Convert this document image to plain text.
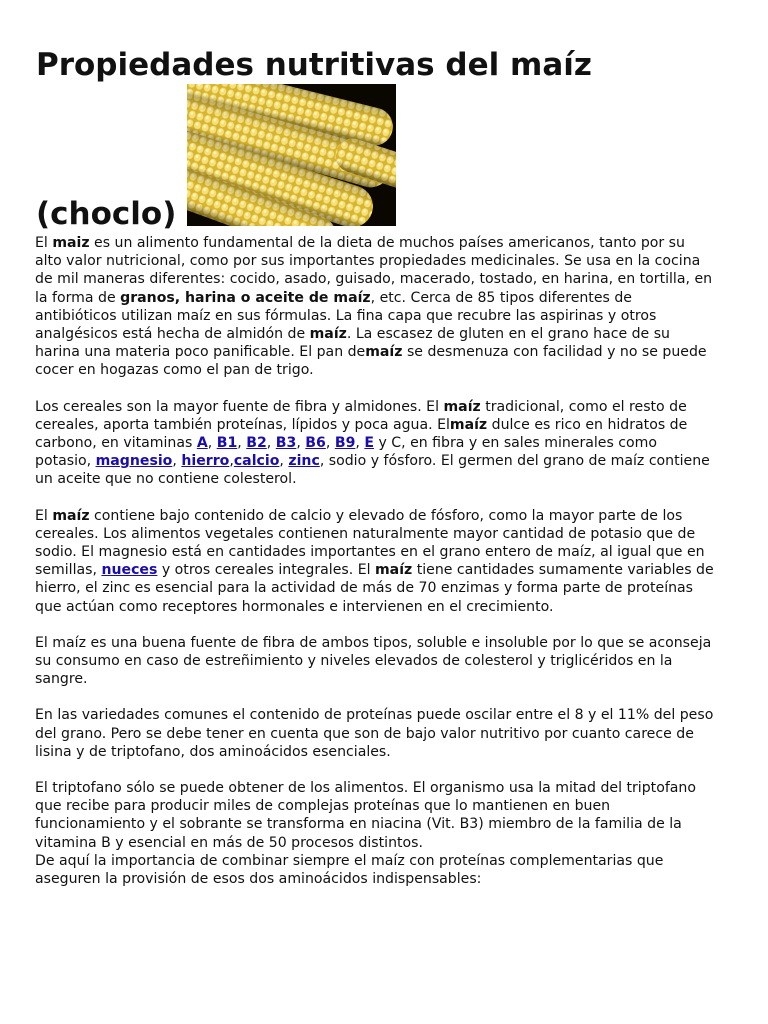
Propiedades nutritivas del maíz
(choclo)

El maiz es un alimento fundamental de la dieta de muchos países americanos, tanto por su alto valor nutricional, como por sus importantes propiedades medicinales. Se usa en la cocina de mil maneras diferentes: cocido, asado, guisado, macerado, tostado, en harina, en tortilla, en la forma de granos, harina o aceite de maíz, etc. Cerca de 85 tipos diferentes de antibióticos utilizan maíz en sus fórmulas. La fina capa que recubre las aspirinas y otros analgésicos está hecha de almidón de maíz. La escasez de gluten en el grano hace de su harina una materia poco panificable. El pan demaíz se desmenuza con facilidad y no se puede cocer en hogazas como el pan de trigo.

Los cereales son la mayor fuente de fibra y almidones. El maíz tradicional, como el resto de cereales, aporta también proteínas, lípidos y poca agua. Elmaíz dulce es rico en hidratos de carbono, en vitaminas A, B1, B2, B3, B6, B9, E y C, en fibra y en sales minerales como potasio, magnesio, hierro,calcio, zinc, sodio y fósforo. El germen del grano de maíz contiene un aceite que no contiene colesterol.

El maíz contiene bajo contenido de calcio y elevado de fósforo, como la mayor parte de los cereales. Los alimentos vegetales contienen naturalmente mayor cantidad de potasio que de sodio. El magnesio está en cantidades importantes en el grano entero de maíz, al igual que en semillas, nueces y otros cereales integrales. El maíz tiene cantidades sumamente variables de hierro, el zinc es esencial para la actividad de más de 70 enzimas y forma parte de proteínas que actúan como receptores hormonales e intervienen en el crecimiento.

El maíz es una buena fuente de fibra de ambos tipos, soluble e insoluble por lo que se aconseja su consumo en caso de estreñimiento y niveles elevados de colesterol y triglicéridos en la sangre.

En las variedades comunes el contenido de proteínas puede oscilar entre el 8 y el 11% del peso del grano. Pero se debe tener en cuenta que son de bajo valor nutritivo por cuanto carece de lisina y de triptofano, dos aminoácidos esenciales.

El triptofano sólo se puede obtener de los alimentos. El organismo usa la mitad del triptofano que recibe para producir miles de complejas proteínas que lo mantienen en buen funcionamiento y el sobrante se transforma en niacina (Vit. B3) miembro de la familia de la vitamina B y esencial en más de 50 procesos distintos.
De aquí la importancia de combinar siempre el maíz con proteínas complementarias que aseguren la provisión de esos dos aminoácidos indispensables:
